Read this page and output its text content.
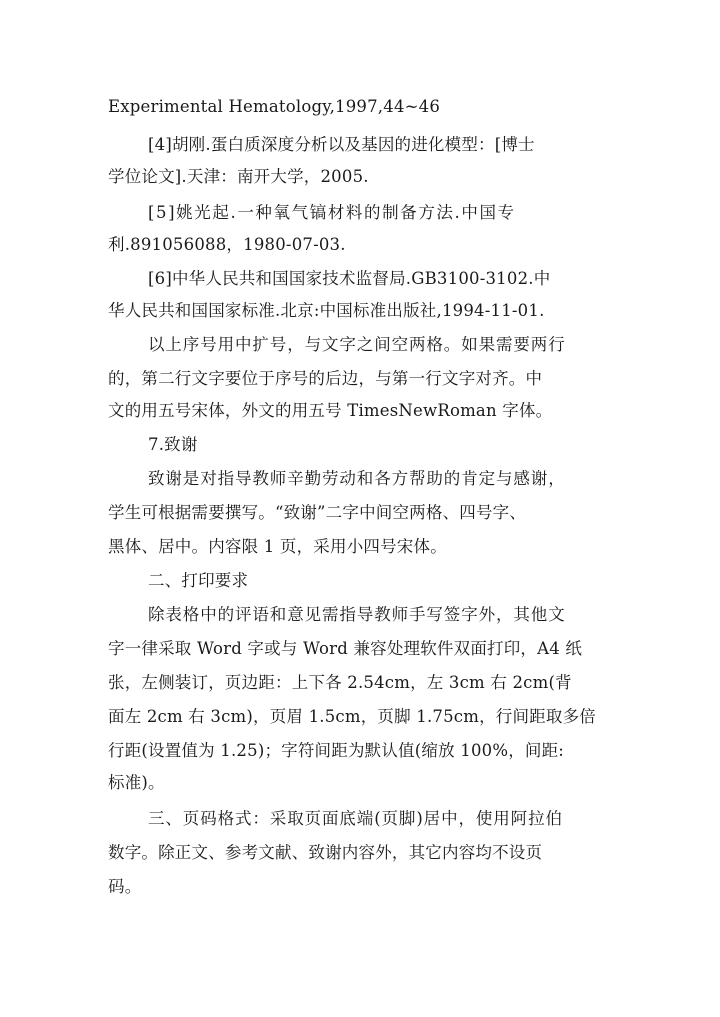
Experimental Hematology,1997,44~46
[4]胡刚.蛋白质深度分析以及基因的进化模型：[博士
学位论文].天津：南开大学，2005.
[5]姚光起.一种氧气镐材料的制备方法.中国专
利.891056088，1980-07-03.
[6]中华人民共和国国家技术监督局.GB3100-3102.中
华人民共和国国家标准.北京:中国标准出版社,1994-11-01.
以上序号用中扩号，与文字之间空两格。如果需要两行
的，第二行文字要位于序号的后边，与第一行文字对齐。中
文的用五号宋体，外文的用五号 TimesNewRoman 字体。
7.致谢
致谢是对指导教师辛勤劳动和各方帮助的肯定与感谢，
学生可根据需要撰写。“致谢”二字中间空两格、四号字、
黑体、居中。内容限 1 页，采用小四号宋体。
二、打印要求
除表格中的评语和意见需指导教师手写签字外，其他文
字一律采取 Word 字或与 Word 兼容处理软件双面打印，A4 纸
张，左侧装订，页边距：上下各 2.54cm，左 3cm 右 2cm(背
面左 2cm 右 3cm)，页眉 1.5cm，页脚 1.75cm，行间距取多倍
行距(设置值为 1.25)；字符间距为默认值(缩放 100%，间距:
标准)。
三、页码格式：采取页面底端(页脚)居中，使用阿拉伯
数字。除正文、参考文献、致谢内容外，其它内容均不设页
码。
